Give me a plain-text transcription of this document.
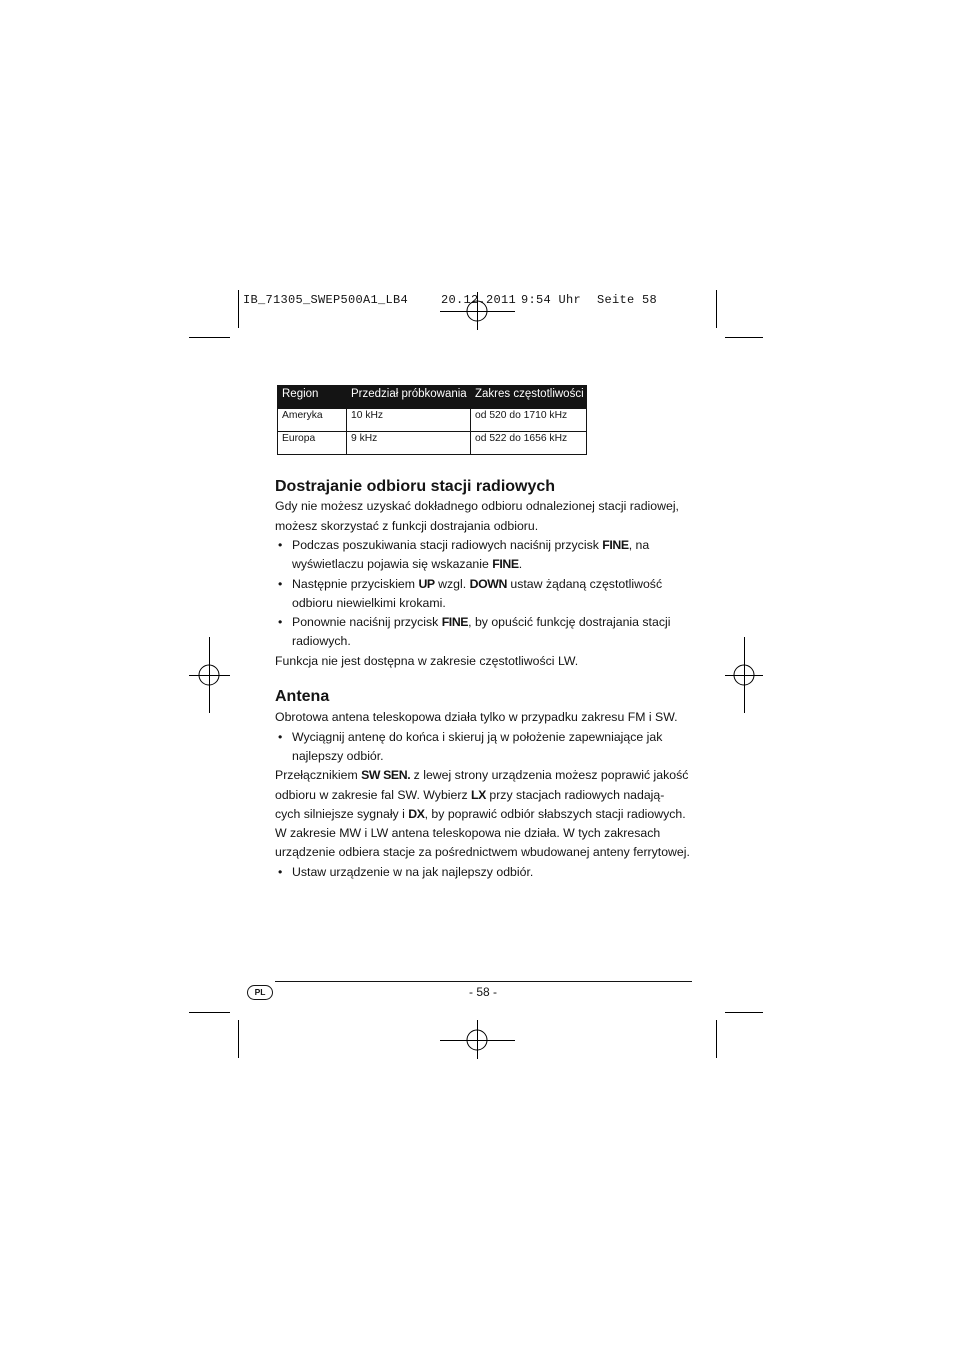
IB_71305_SWEP500A1_LB4	20.12.2011 9:54 Uhr Seite 58
Region	Przedział próbkowania	Zakres częstotliwości
Ameryka	10 kHz	od 520 do 1710 kHz
Europa	9 kHz	od 522 do 1656 kHz
Dostrajanie odbioru stacji radiowych
Gdy nie możesz uzyskać dokładnego odbioru odnalezionej stacji radiowej,
możesz skorzystać z funkcji dostrajania odbioru.
• Podczas poszukiwania stacji radiowych naciśnij przycisk FINE, na
wyświetlaczu pojawia się wskazanie FINE.
• Następnie przyciskiem UP wzgl. DOWN ustaw żądaną częstotliwość
odbioru niewielkimi krokami.
• Ponownie naciśnij przycisk FINE, by opuścić funkcję dostrajania stacji
radiowych.
Funkcja nie jest dostępna w zakresie częstotliwości LW.
Antena
Obrotowa antena teleskopowa działa tylko w przypadku zakresu FM i SW.
• Wyciągnij antenę do końca i skieruj ją w położenie zapewniające jak
najlepszy odbiór.
Przełącznikiem SW SEN. z lewej strony urządzenia możesz poprawić jakość
odbioru w zakresie fal SW. Wybierz LX przy stacjach radiowych nadają-
cych silniejsze sygnały i DX, by poprawić odbiór słabszych stacji radiowych.
W zakresie MW i LW antena teleskopowa nie działa. W tych zakresach
urządzenie odbiera stacje za pośrednictwem wbudowanej anteny ferrytowej.
• Ustaw urządzenie w na jak najlepszy odbiór.
PL	- 58 -
